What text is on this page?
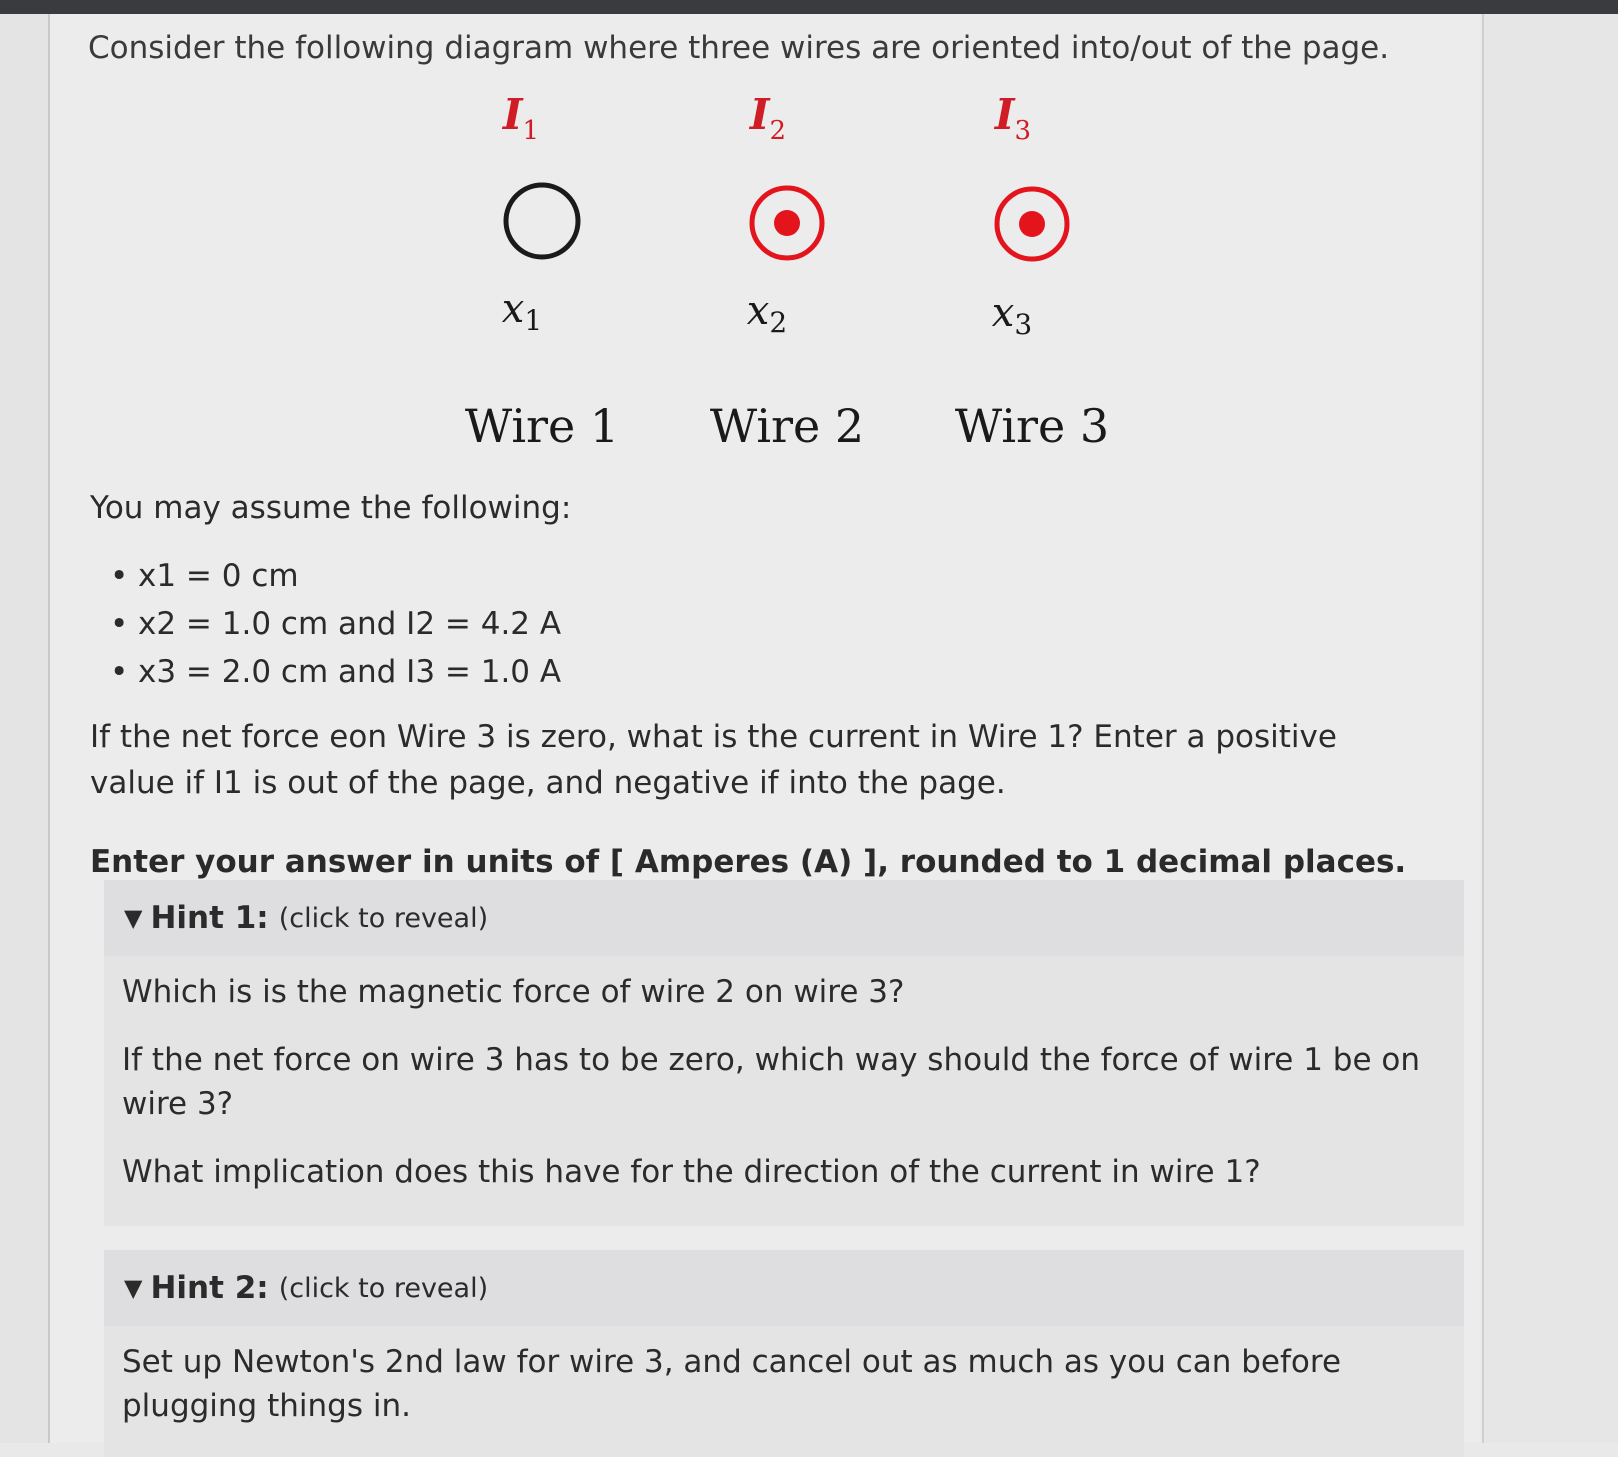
Consider the following diagram where three wires are oriented into/out of the page.
$I_1$
$x_1$
Wire 1
$I_2$
$x_2$
Wire 2
$I_3$
$x_3$
Wire 3
You may assume the following:
• x1 = 0 cm
• x2 = 1.0 cm and I2 = 4.2 A
• x3 = 2.0 cm and I3 = 1.0 A
If the net force eon Wire 3 is zero, what is the current in Wire 1? Enter a positive value if I1 is out of the page, and negative if into the page.
Enter your answer in units of [ Amperes (A) ], rounded to 1 decimal places.
▼ Hint 1: (click to reveal)

Which is is the magnetic force of wire 2 on wire 3?

If the net force on wire 3 has to be zero, which way should the force of wire 1 be on wire 3?

What implication does this have for the direction of the current in wire 1?

▼ Hint 2: (click to reveal)

Set up Newton's 2nd law for wire 3, and cancel out as much as you can before plugging things in.
